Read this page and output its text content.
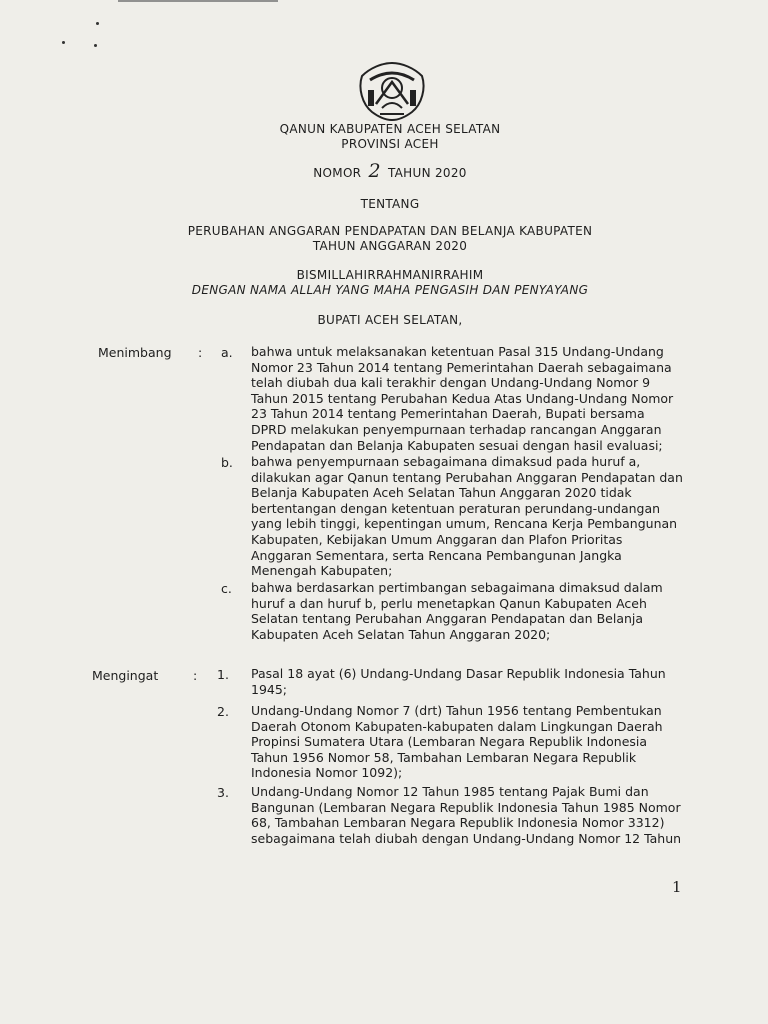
QANUN KABUPATEN ACEH SELATAN
PROVINSI ACEH
NOMOR 2 TAHUN 2020
TENTANG
PERUBAHAN ANGGARAN PENDAPATAN DAN BELANJA KABUPATEN
TAHUN ANGGARAN 2020
BISMILLAHIRRAHMANIRRAHIM
DENGAN NAMA ALLAH YANG MAHA PENGASIH DAN PENYAYANG
BUPATI ACEH SELATAN,
Menimbang : a. bahwa untuk melaksanakan ketentuan Pasal 315 Undang-Undang
Nomor 23 Tahun 2014 tentang Pemerintahan Daerah sebagaimana
telah diubah dua kali terakhir dengan Undang-Undang Nomor 9
Tahun 2015 tentang Perubahan Kedua Atas Undang-Undang Nomor
23 Tahun 2014 tentang Pemerintahan Daerah, Bupati bersama
DPRD melakukan penyempurnaan terhadap rancangan Anggaran
Pendapatan dan Belanja Kabupaten sesuai dengan hasil evaluasi;
b. bahwa penyempurnaan sebagaimana dimaksud pada huruf a,
dilakukan agar Qanun tentang Perubahan Anggaran Pendapatan dan
Belanja Kabupaten Aceh Selatan Tahun Anggaran 2020 tidak
bertentangan dengan ketentuan peraturan perundang-undangan
yang lebih tinggi, kepentingan umum, Rencana Kerja Pembangunan
Kabupaten, Kebijakan Umum Anggaran dan Plafon Prioritas
Anggaran Sementara, serta Rencana Pembangunan Jangka
Menengah Kabupaten;
c. bahwa berdasarkan pertimbangan sebagaimana dimaksud dalam
huruf a dan huruf b, perlu menetapkan Qanun Kabupaten Aceh
Selatan tentang Perubahan Anggaran Pendapatan dan Belanja
Kabupaten Aceh Selatan Tahun Anggaran 2020;
Mengingat	: 1. Pasal 18 ayat (6) Undang-Undang Dasar Republik Indonesia Tahun
1945;
2. Undang-Undang Nomor 7 (drt) Tahun 1956 tentang Pembentukan
Daerah Otonom Kabupaten-kabupaten dalam Lingkungan Daerah
Propinsi Sumatera Utara (Lembaran Negara Republik Indonesia
Tahun 1956 Nomor 58, Tambahan Lembaran Negara Republik
Indonesia Nomor 1092);
3. Undang-Undang Nomor 12 Tahun 1985 tentang Pajak Bumi dan
Bangunan (Lembaran Negara Republik Indonesia Tahun 1985 Nomor
68, Tambahan Lembaran Negara Republik Indonesia Nomor 3312)
sebagaimana telah diubah dengan Undang-Undang Nomor 12 Tahun
1
